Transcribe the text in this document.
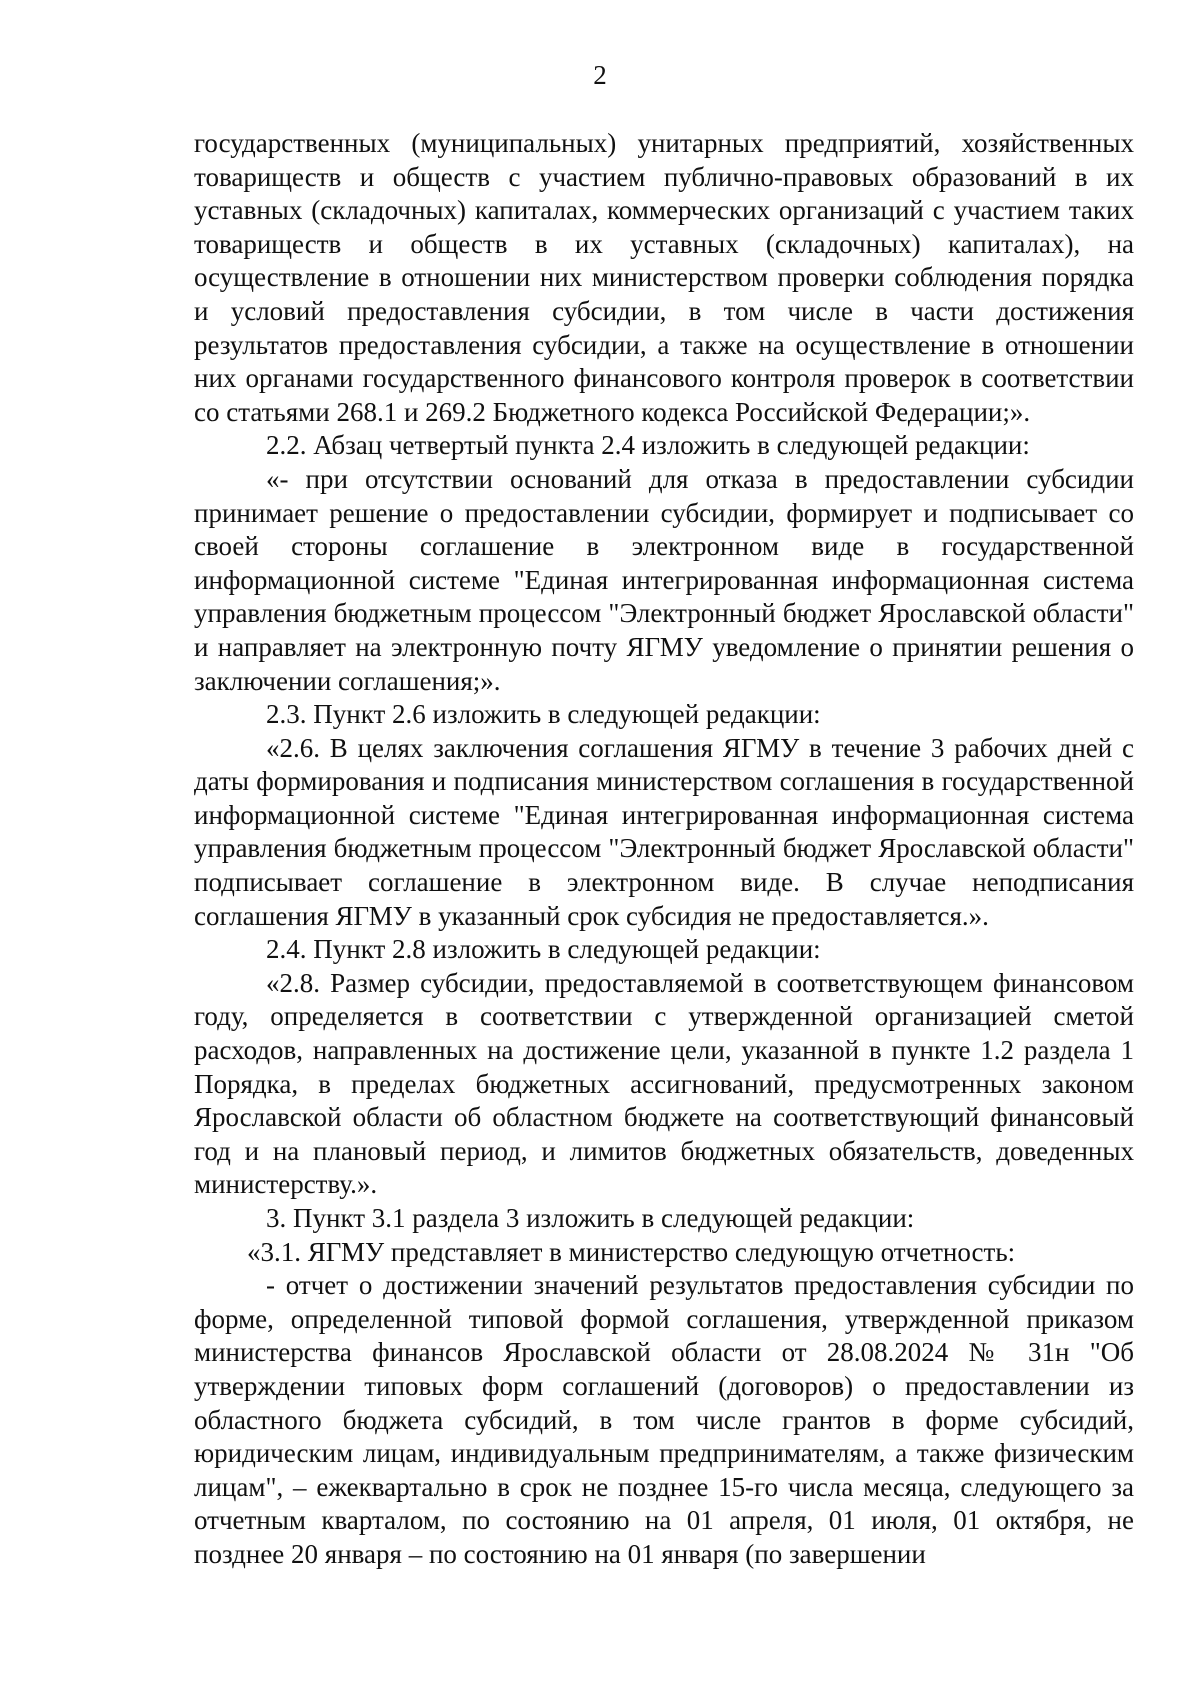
2

государственных (муниципальных) унитарных предприятий, хозяйственных товариществ и обществ с участием публично-правовых образований в их уставных (складочных) капиталах, коммерческих организаций с участием таких товариществ и обществ в их уставных (складочных) капиталах), на осуществление в отношении них министерством проверки соблюдения порядка и условий предоставления субсидии, в том числе в части достижения результатов предоставления субсидии, а также на осуществление в отношении них органами государственного финансового контроля проверок в соответствии со статьями 268.1 и 269.2 Бюджетного кодекса Российской Федерации;».

2.2. Абзац четвертый пункта 2.4 изложить в следующей редакции:

«- при отсутствии оснований для отказа в предоставлении субсидии принимает решение о предоставлении субсидии, формирует и подписывает со своей стороны соглашение в электронном виде в государственной информационной системе "Единая интегрированная информационная система управления бюджетным процессом "Электронный бюджет Ярославской области" и направляет на электронную почту ЯГМУ уведомление о принятии решения о заключении соглашения;».

2.3. Пункт 2.6 изложить в следующей редакции:

«2.6. В целях заключения соглашения ЯГМУ в течение 3 рабочих дней с даты формирования и подписания министерством соглашения в государственной информационной системе "Единая интегрированная информационная система управления бюджетным процессом "Электронный бюджет Ярославской области" подписывает соглашение в электронном виде. В случае неподписания соглашения ЯГМУ в указанный срок субсидия не предоставляется.».

2.4. Пункт 2.8 изложить в следующей редакции:

«2.8. Размер субсидии, предоставляемой в соответствующем финансовом году, определяется в соответствии с утвержденной организацией сметой расходов, направленных на достижение цели, указанной в пункте 1.2 раздела 1 Порядка, в пределах бюджетных ассигнований, предусмотренных законом Ярославской области об областном бюджете на соответствующий финансовый год и на плановый период, и лимитов бюджетных обязательств, доведенных министерству.».

3. Пункт 3.1 раздела 3 изложить в следующей редакции:

«3.1. ЯГМУ представляет в министерство следующую отчетность:

- отчет о достижении значений результатов предоставления субсидии по форме, определенной типовой формой соглашения, утвержденной приказом министерства финансов Ярославской области от 28.08.2024 № 31н "Об утверждении типовых форм соглашений (договоров) о предоставлении из областного бюджета субсидий, в том числе грантов в форме субсидий, юридическим лицам, индивидуальным предпринимателям, а также физическим лицам", – ежеквартально в срок не позднее 15-го числа месяца, следующего за отчетным кварталом, по состоянию на 01 апреля, 01 июля, 01 октября, не позднее 20 января – по состоянию на 01 января (по завершении
